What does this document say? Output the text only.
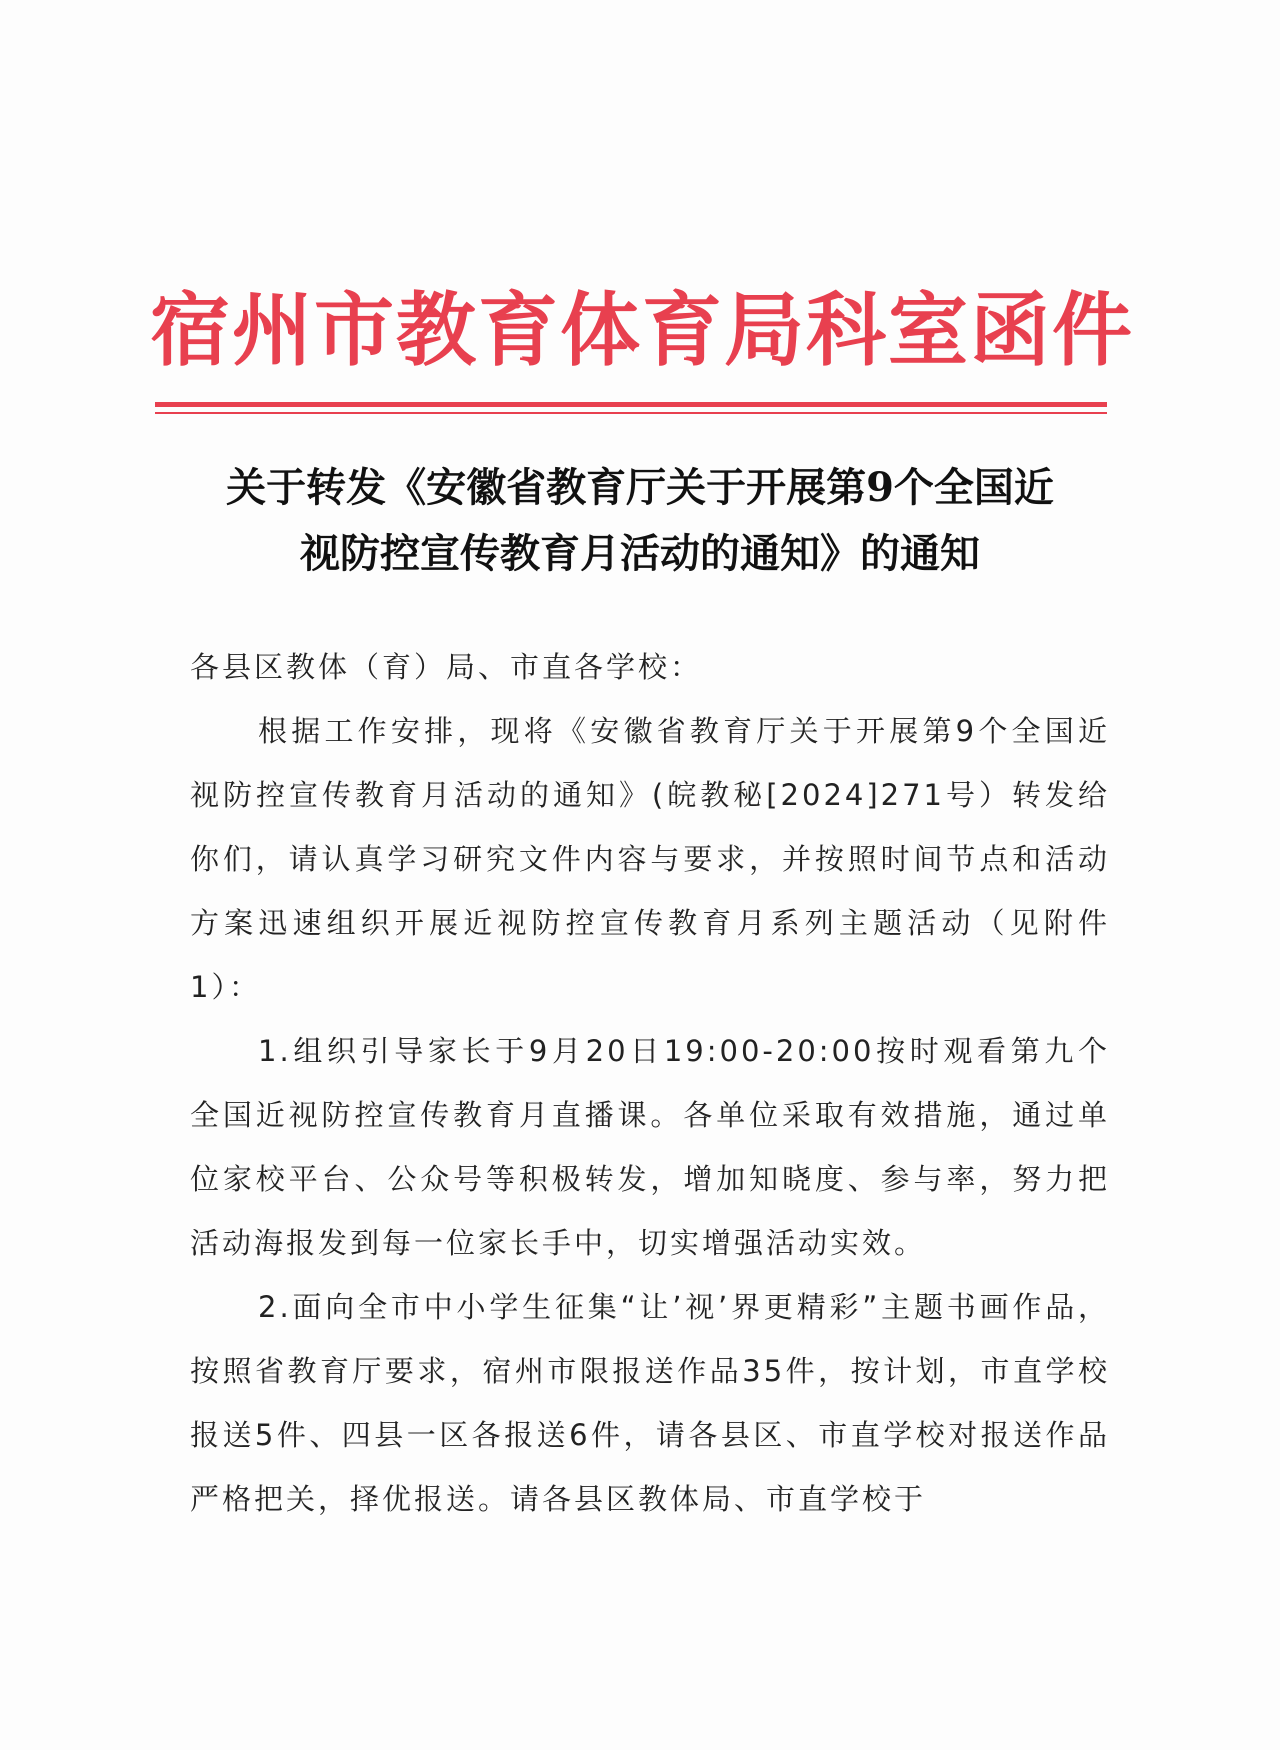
宿州市教育体育局科室函件
关于转发《安徽省教育厅关于开展第9个全国近
视防控宣传教育月活动的通知》的通知

各县区教体（育）局、市直各学校：

根据工作安排，现将《安徽省教育厅关于开展第9个全国近视防控宣传教育月活动的通知》(皖教秘[2024]271号）转发给你们，请认真学习研究文件内容与要求，并按照时间节点和活动方案迅速组织开展近视防控宣传教育月系列主题活动（见附件1）：

1.组织引导家长于9月20日19:00-20:00按时观看第九个全国近视防控宣传教育月直播课。各单位采取有效措施，通过单位家校平台、公众号等积极转发，增加知晓度、参与率，努力把活动海报发到每一位家长手中，切实增强活动实效。

2.面向全市中小学生征集“让’视’界更精彩”主题书画作品，按照省教育厅要求，宿州市限报送作品35件，按计划，市直学校报送5件、四县一区各报送6件，请各县区、市直学校对报送作品严格把关，择优报送。请各县区教体局、市直学校于
